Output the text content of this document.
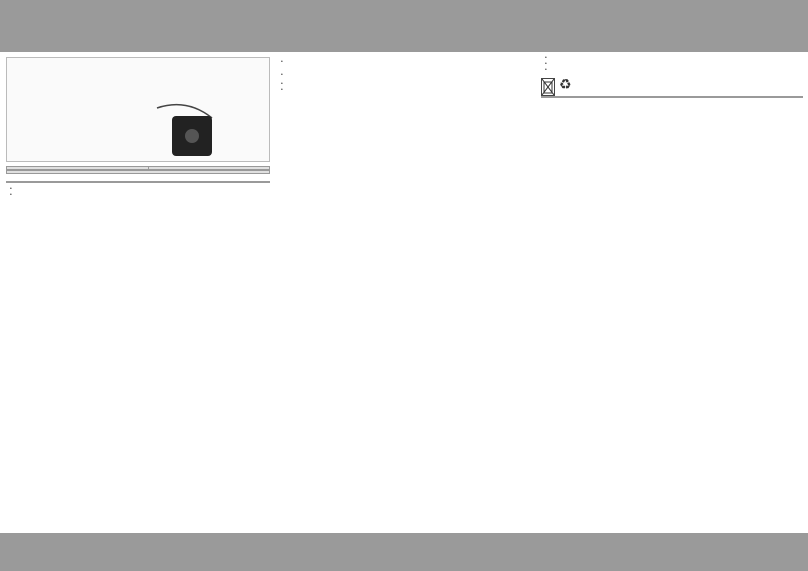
•
•
•
•
•
•
•
•
•
♻
